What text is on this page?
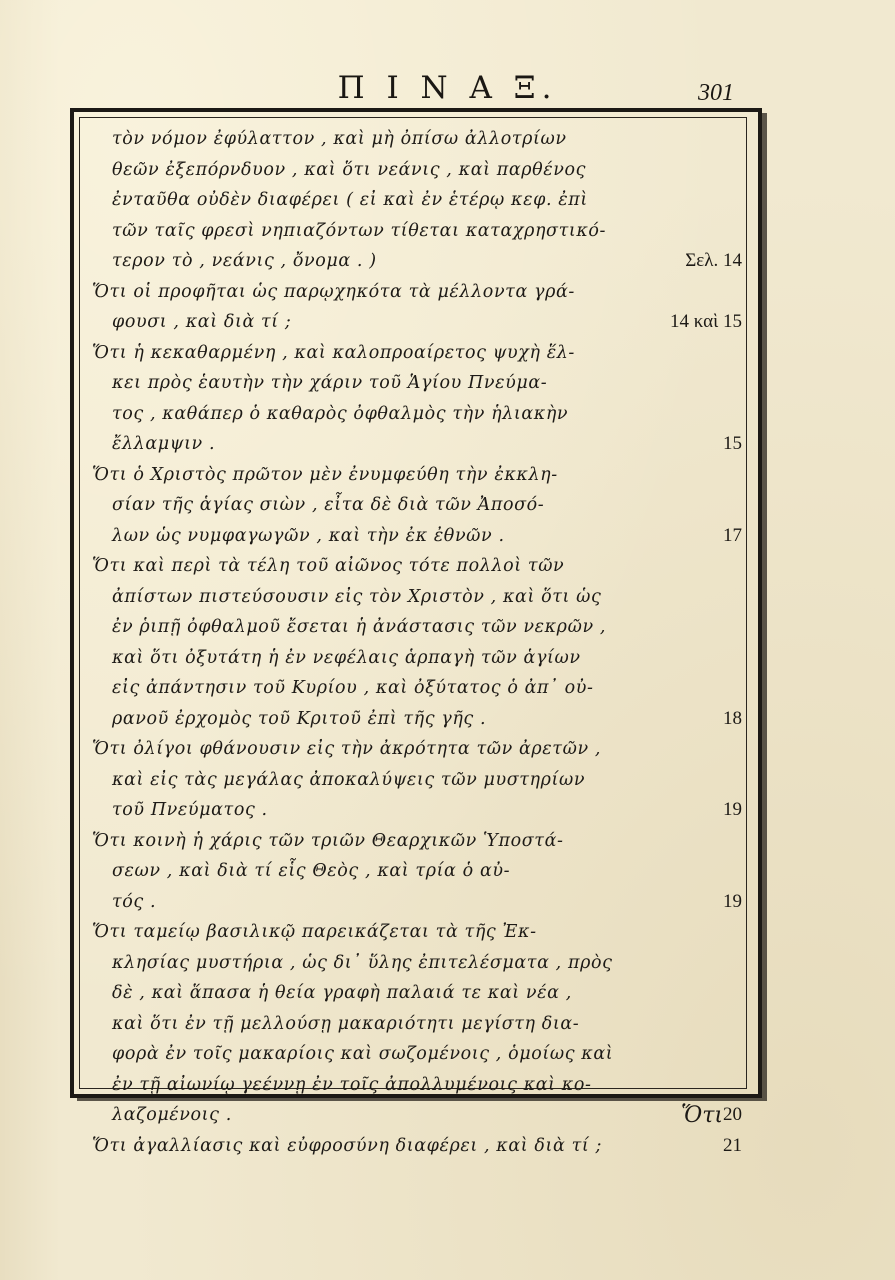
Π Ι Ν Α Ξ.	301
τὸν νόμον ἐφύλαττον , καὶ μὴ ὀπίσω ἀλλοτρίων
θεῶν ἐξεπόρνδυον , καὶ ὅτι νεάνις , καὶ παρθένος
ἐνταῦθα οὐδὲν διαφέρει ( εἰ καὶ ἐν ἑτέρῳ κεφ. ἐπὶ
τῶν ταῖς φρεσὶ νηπιαζόντων τίθεται καταχρηστικό-
τερον τὸ , νεάνις , ὄνομα . )	Σελ. 14
Ὅτι οἱ προφῆται ὡς παρῳχηκότα τὰ μέλλοντα γρά-
φουσι , καὶ διὰ τί ;	14 καὶ 15
Ὅτι ἡ κεκαθαρμένη , καὶ καλοπροαίρετος ψυχὴ ἕλ-
κει πρὸς ἑαυτὴν τὴν χάριν τοῦ Ἁγίου Πνεύμα-
τος , καθάπερ ὁ καθαρὸς ὀφθαλμὸς τὴν ἡλιακὴν
ἔλλαμψιν .	15
Ὅτι ὁ Χριστὸς πρῶτον μὲν ἐνυμφεύθη τὴν ἐκκλη-
σίαν τῆς ἁγίας σιὼν , εἶτα δὲ διὰ τῶν Ἀποσό-
λων ὡς νυμφαγωγῶν , καὶ τὴν ἐκ ἐθνῶν .	17
Ὅτι καὶ περὶ τὰ τέλη τοῦ αἰῶνος τότε πολλοὶ τῶν
ἀπίστων πιστεύσουσιν εἰς τὸν Χριστὸν , καὶ ὅτι ὡς
ἐν ῥιπῇ ὀφθαλμοῦ ἔσεται ἡ ἀνάστασις τῶν νεκρῶν ,
καὶ ὅτι ὀξυτάτη ἡ ἐν νεφέλαις ἁρπαγὴ τῶν ἁγίων
εἰς ἀπάντησιν τοῦ Κυρίου , καὶ ὀξύτατος ὁ ἀπ᾽ οὐ-
ρανοῦ ἐρχομὸς τοῦ Κριτοῦ ἐπὶ τῆς γῆς .	18
Ὅτι ὀλίγοι φθάνουσιν εἰς τὴν ἀκρότητα τῶν ἀρετῶν ,
καὶ εἰς τὰς μεγάλας ἀποκαλύψεις τῶν μυστηρίων
τοῦ Πνεύματος .	19
Ὅτι κοινὴ ἡ χάρις τῶν τριῶν Θεαρχικῶν Ὑποστά-
σεων , καὶ διὰ τί εἷς Θεὸς , καὶ τρία ὁ αὐ-
τός .	19
Ὅτι ταμείῳ βασιλικῷ παρεικάζεται τὰ τῆς Ἐκ-
κλησίας μυστήρια , ὡς δι᾽ ὕλης ἐπιτελέσματα , πρὸς
δὲ , καὶ ἅπασα ἡ θεία γραφὴ παλαιά τε καὶ νέα ,
καὶ ὅτι ἐν τῇ μελλούσῃ μακαριότητι μεγίστη δια-
φορὰ ἐν τοῖς μακαρίοις καὶ σωζομένοις , ὁμοίως καὶ
ἐν τῇ αἰωνίῳ γεέννῃ ἐν τοῖς ἀπολλυμένοις καὶ κο-
λαζομένοις .	20
Ὅτι ἀγαλλίασις καὶ εὐφροσύνη διαφέρει , καὶ διὰ τί ;	21
Ὅτι
